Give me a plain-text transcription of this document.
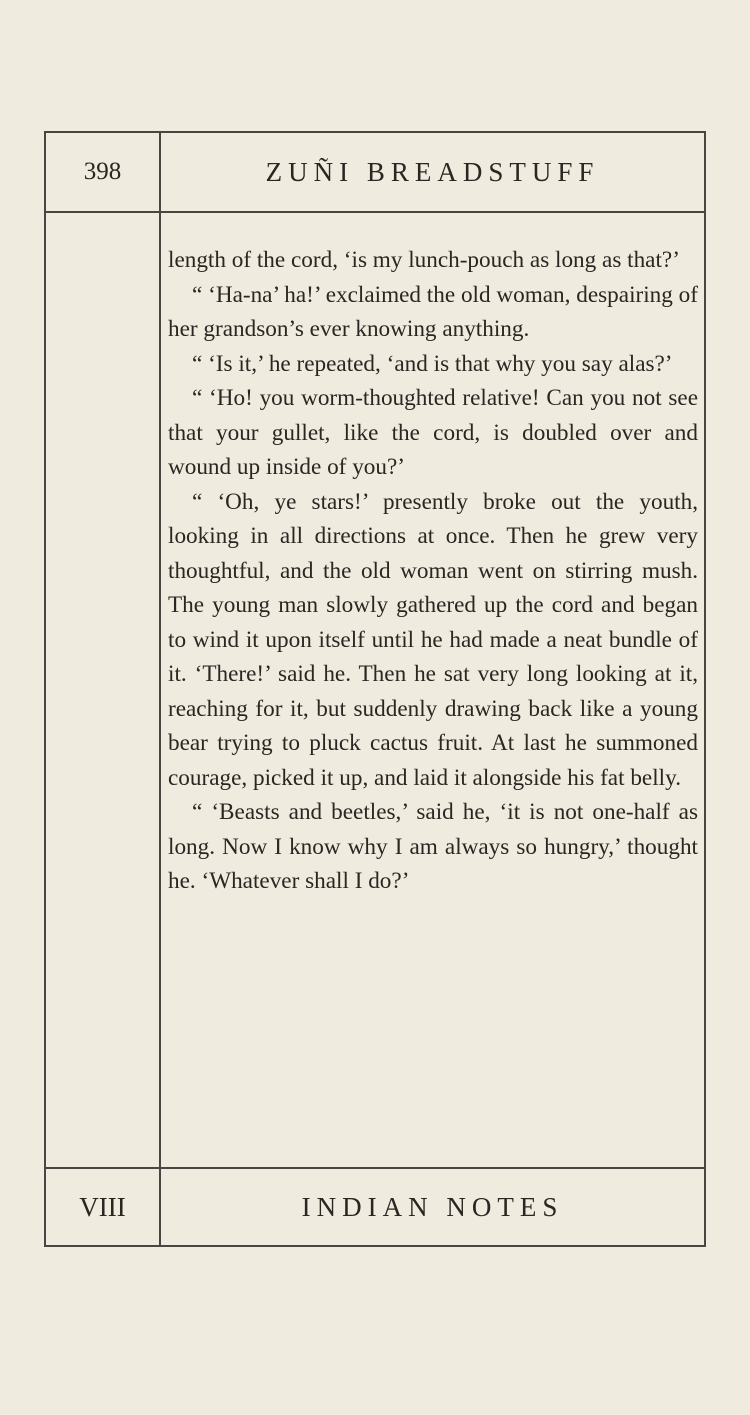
398	ZUÑI BREADSTUFF

length of the cord, ‘is my lunch-pouch as long as that?’

“ ‘Ha-na’ ha!’ exclaimed the old woman, despairing of her grandson’s ever knowing anything.

“ ‘Is it,’ he repeated, ‘and is that why you say alas?’

“ ‘Ho! you worm-thoughted relative! Can you not see that your gullet, like the cord, is doubled over and wound up inside of you?’

“ ‘Oh, ye stars!’ presently broke out the youth, looking in all directions at once. Then he grew very thoughtful, and the old woman went on stirring mush. The young man slowly gathered up the cord and began to wind it upon itself until he had made a neat bundle of it. ‘There!’ said he. Then he sat very long looking at it, reaching for it, but suddenly drawing back like a young bear trying to pluck cactus fruit. At last he summoned courage, picked it up, and laid it alongside his fat belly.

“ ‘Beasts and beetles,’ said he, ‘it is not one-half as long. Now I know why I am always so hungry,’ thought he. ‘Whatever shall I do?’

VIII	INDIAN NOTES
